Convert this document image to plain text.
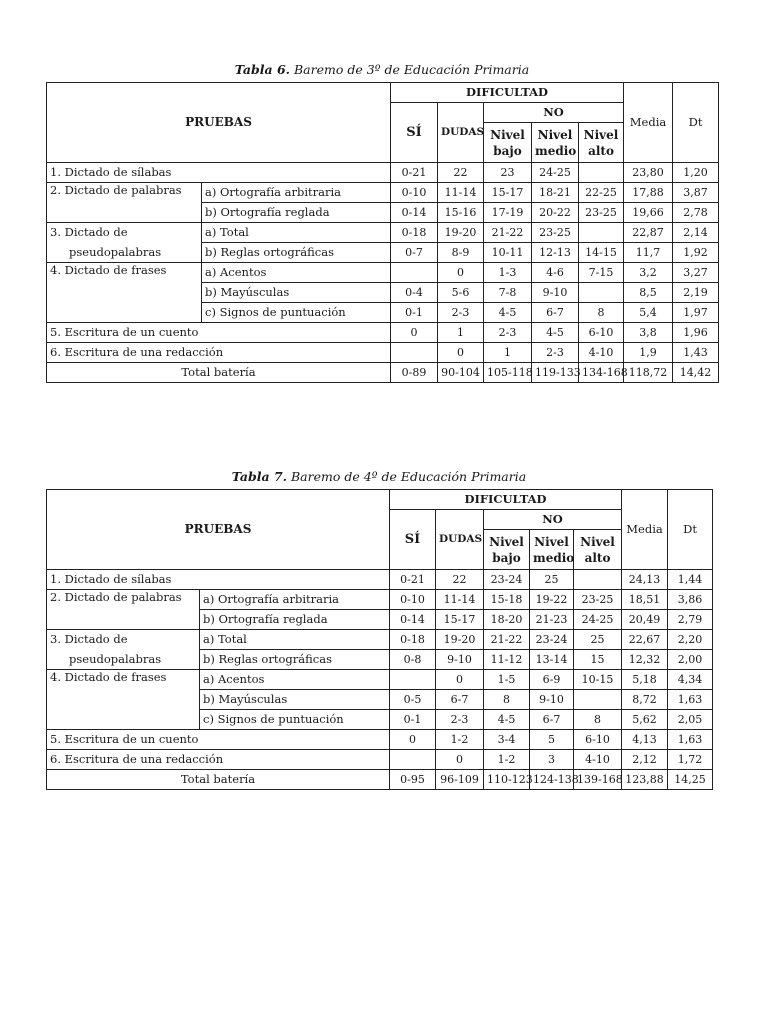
Tabla 6. Baremo de 3º de Educación Primaria

PRUEBAS		DIFICULTAD					Media	Dt
		SÍ	DUDAS	NO				
				Nivel bajo	Nivel medio	Nivel alto		
1. Dictado de sílabas		0-21	22	23	24-25		23,80	1,20
2. Dictado de palabras	a) Ortografía arbitraria	0-10	11-14	15-17	18-21	22-25	17,88	3,87
	b) Ortografía reglada	0-14	15-16	17-19	20-22	23-25	19,66	2,78
3. Dictado de	a) Total	0-18	19-20	21-22	23-25		22,87	2,14
pseudopalabras	b) Reglas ortográficas	0-7	8-9	10-11	12-13	14-15	11,7	1,92
4. Dictado de frases	a) Acentos		0	1-3	4-6	7-15	3,2	3,27
	b) Mayúsculas	0-4	5-6	7-8	9-10		8,5	2,19
	c) Signos de puntuación	0-1	2-3	4-5	6-7	8	5,4	1,97
5. Escritura de un cuento		0	1	2-3	4-5	6-10	3,8	1,96
6. Escritura de una redacción			0	1	2-3	4-10	1,9	1,43
Total batería		0-89	90-104	105-118	119-133	134-168	118,72	14,42

Tabla 7. Baremo de 4º de Educación Primaria

PRUEBAS		DIFICULTAD					Media	Dt
		SÍ	DUDAS	NO				
				Nivel bajo	Nivel medio	Nivel alto		
1. Dictado de sílabas		0-21	22	23-24	25		24,13	1,44
2. Dictado de palabras	a) Ortografía arbitraria	0-10	11-14	15-18	19-22	23-25	18,51	3,86
	b) Ortografía reglada	0-14	15-17	18-20	21-23	24-25	20,49	2,79
3. Dictado de	a) Total	0-18	19-20	21-22	23-24	25	22,67	2,20
pseudopalabras	b) Reglas ortográficas	0-8	9-10	11-12	13-14	15	12,32	2,00
4. Dictado de frases	a) Acentos		0	1-5	6-9	10-15	5,18	4,34
	b) Mayúsculas	0-5	6-7	8	9-10		8,72	1,63
	c) Signos de puntuación	0-1	2-3	4-5	6-7	8	5,62	2,05
5. Escritura de un cuento		0	1-2	3-4	5	6-10	4,13	1,63
6. Escritura de una redacción			0	1-2	3	4-10	2,12	1,72
Total batería		0-95	96-109	110-123	124-138	139-168	123,88	14,25
